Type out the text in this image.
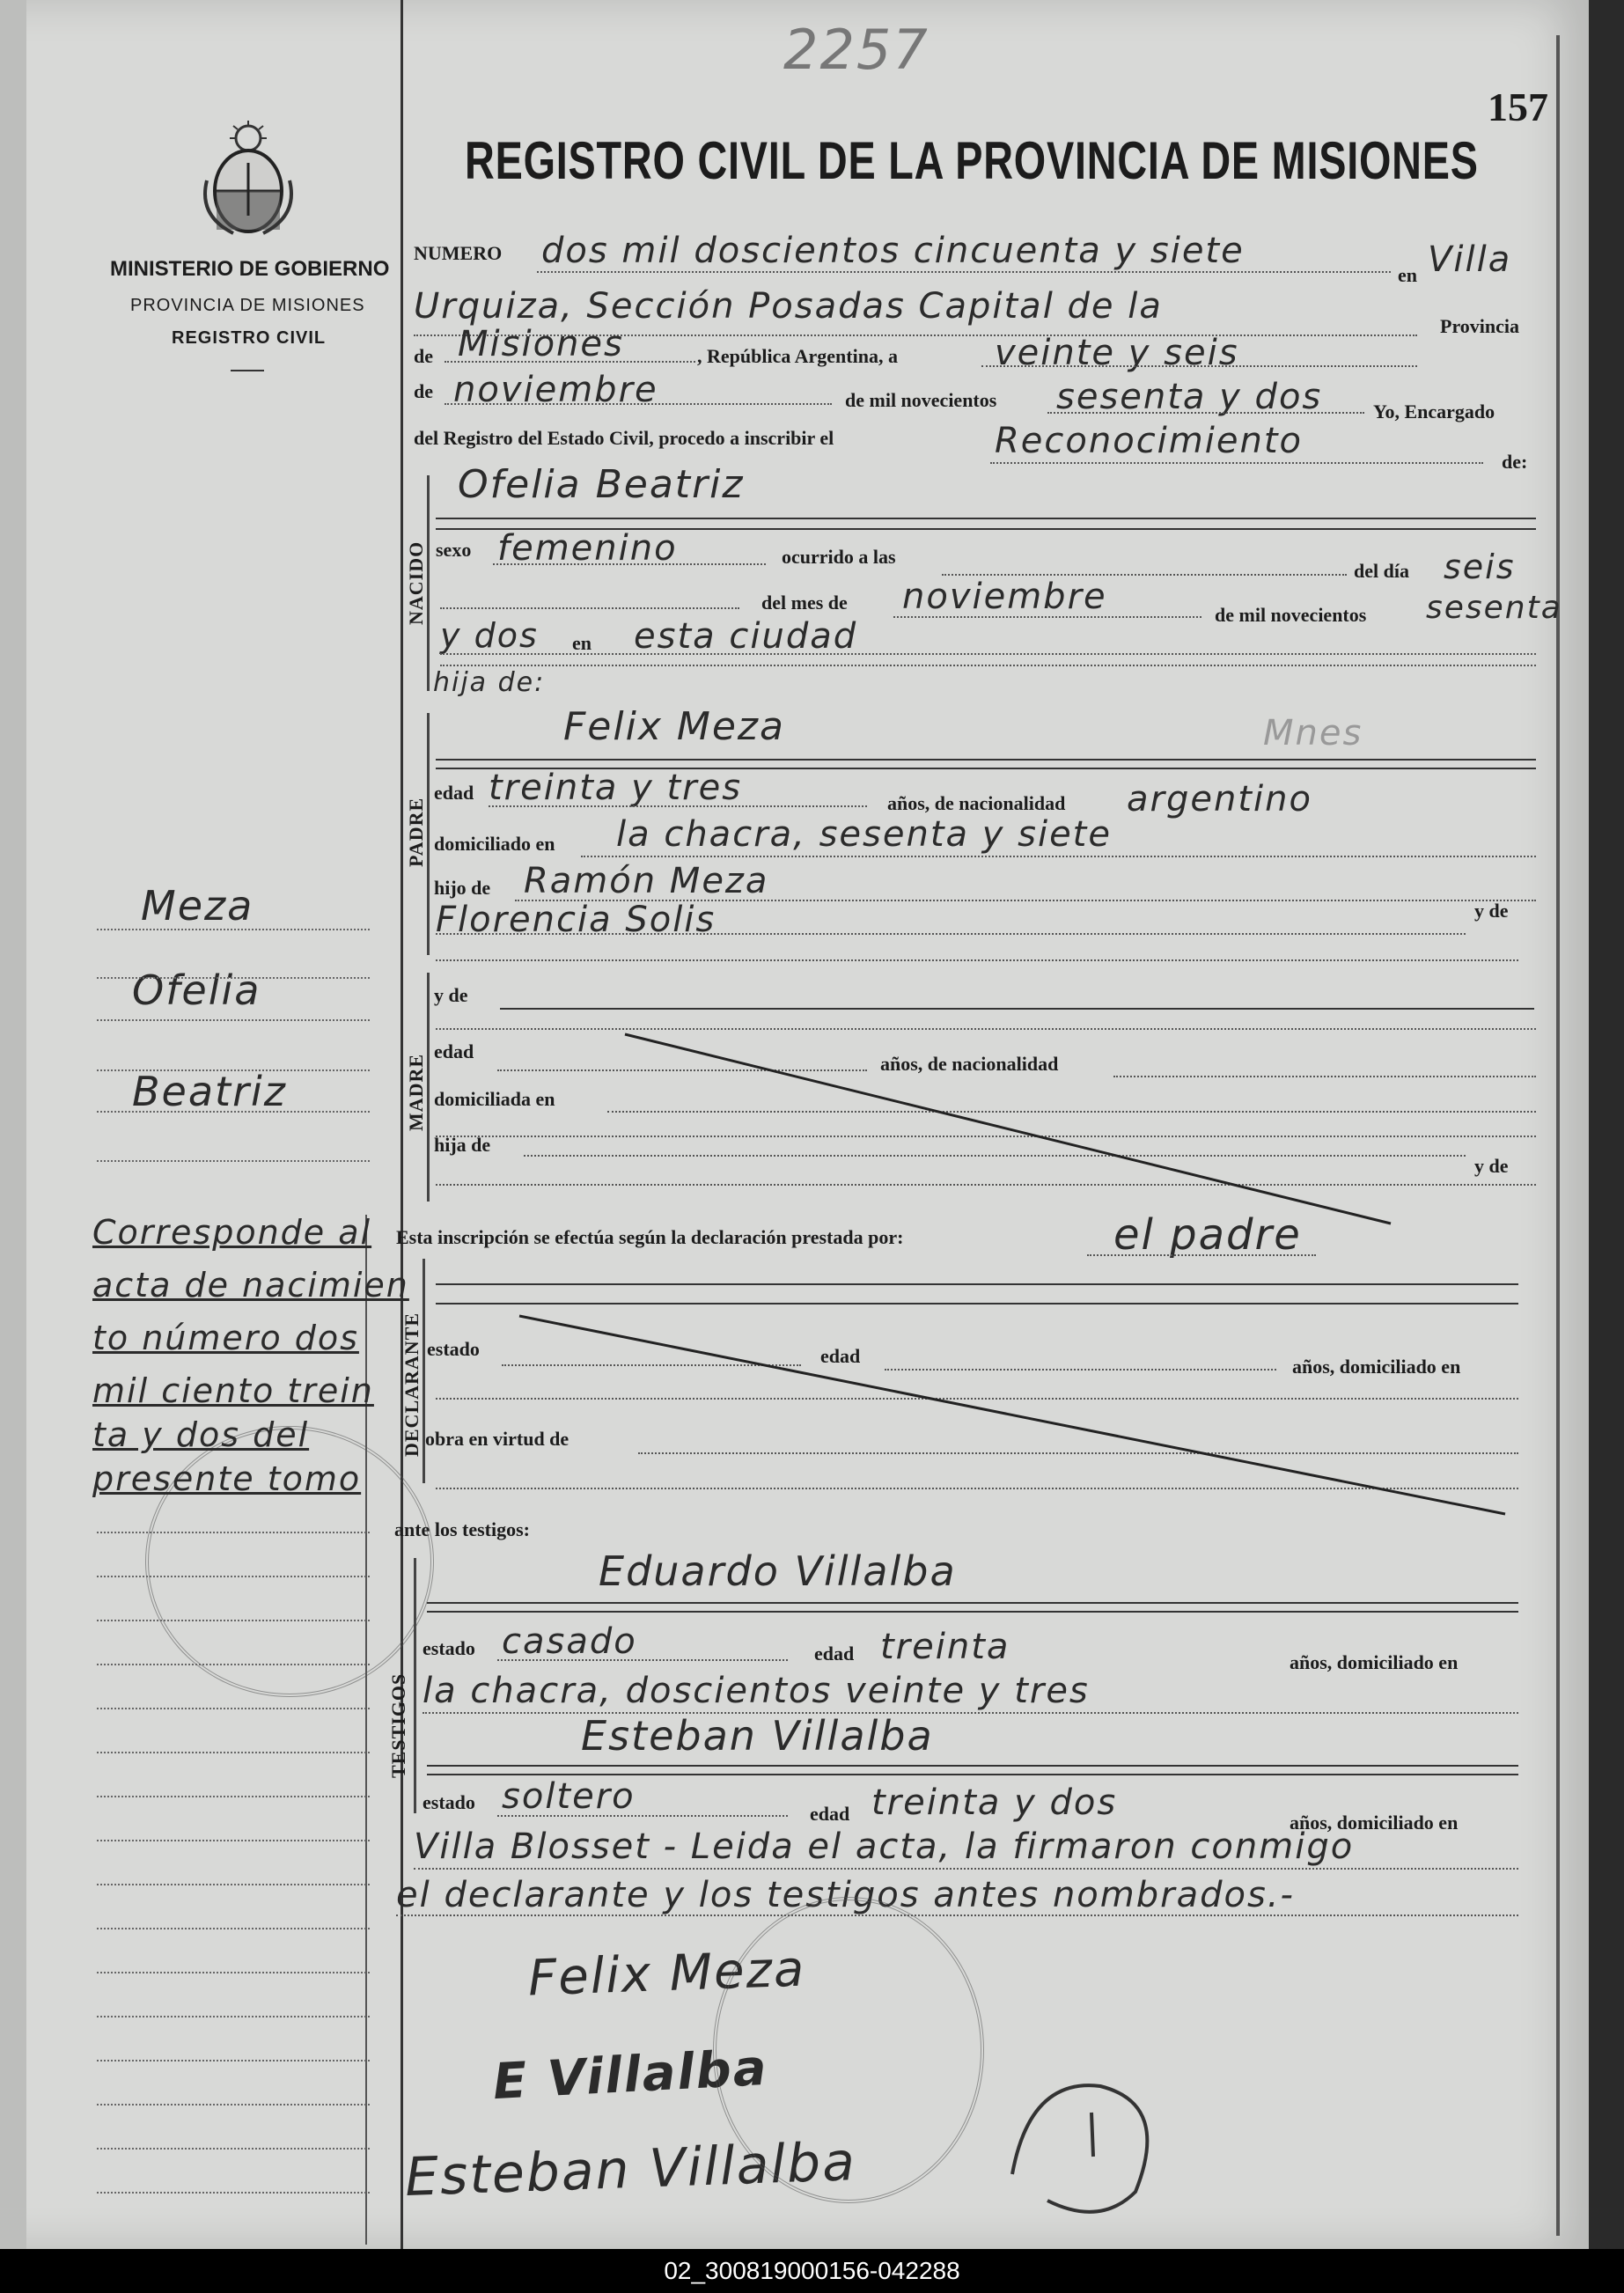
2257
157
MINISTERIO DE GOBIERNO
PROVINCIA DE MISIONES
REGISTRO CIVIL
REGISTRO CIVIL DE LA PROVINCIA DE MISIONES
NUMERO dos mil doscientos cincuenta y siete
en Villa
Urquiza, Sección Posadas Capital de la	Provincia
de Misiones	, República Argentina, a	veinte y seis
de noviembre	de mil novecientos sesenta y dos	Yo, Encargado
del Registro del Estado Civil, procedo a inscribir el	Reconocimiento
de:
NACIDO
Ofelia Beatriz
sexo femenino	ocurrido a las
del día seis
del mes de noviembre	de mil novecientos sesenta
y dos en esta ciudad
hija de:
PADRE
Felix Meza	Mnes
edad treinta y tres	años, de nacionalidad argentino
domiciliado en la chacra, sesenta y siete
hijo de Ramón Meza
Florencia Solis	y de
MADRE
y de
edad
años, de nacionalidad
domiciliada en
hija de
y de
Esta inscripción se efectúa según la declaración prestada por:	el padre
DECLARANTE estado	edad	años, domiciliado en
obra en virtud de
ante los testigos:
TESTIGOS
Eduardo Villalba
estado casado	edad treinta	años, domiciliado en
la chacra, doscientos veinte y tres
Esteban Villalba
estado soltero	edad treinta y dos	años, domiciliado en
Villa Blosset - Leida el acta, la firmaron conmigo
el declarante y los testigos antes nombrados.-
Felix Meza
E Villalba
Esteban Villalba
Meza
Ofelia
Beatriz
Corresponde al
acta de nacimien
to número dos
mil ciento trein
ta y dos del
presente tomo
02_300819000156-042288
